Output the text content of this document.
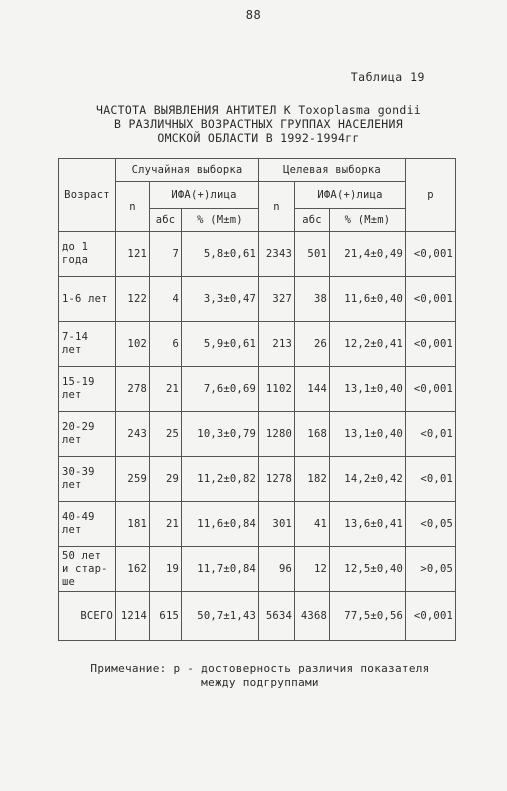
88
Таблица 19
ЧАСТОТА ВЫЯВЛЕНИЯ АНТИТЕЛ К Toxoplasma gondii
В РАЗЛИЧНЫХ ВОЗРАСТНЫХ ГРУППАХ НАСЕЛЕНИЯ
ОМСКОЙ ОБЛАСТИ В 1992-1994гг
Возраст	Случайная выборка			Целевая выборка			р
	n	ИФА(+)лица		n	ИФА(+)лица		
		абс	% (M±m)		абс	% (M±m)	
до 1 года	121	7	5,8±0,61	2343	501	21,4±0,49	<0,001
1-6 лет	122	4	3,3±0,47	327	38	11,6±0,40	<0,001
7-14 лет	102	6	5,9±0,61	213	26	12,2±0,41	<0,001
15-19 лет	278	21	7,6±0,69	1102	144	13,1±0,40	<0,001
20-29 лет	243	25	10,3±0,79	1280	168	13,1±0,40	<0,01
30-39 лет	259	29	11,2±0,82	1278	182	14,2±0,42	<0,01
40-49 лет	181	21	11,6±0,84	301	41	13,6±0,41	<0,05
50 лет и стар-ше	162	19	11,7±0,84	96	12	12,5±0,40	>0,05
ВСЕГО	1214	615	50,7±1,43	5634	4368	77,5±0,56	<0,001
Примечание: р - достоверность различия показателя
между подгруппами
